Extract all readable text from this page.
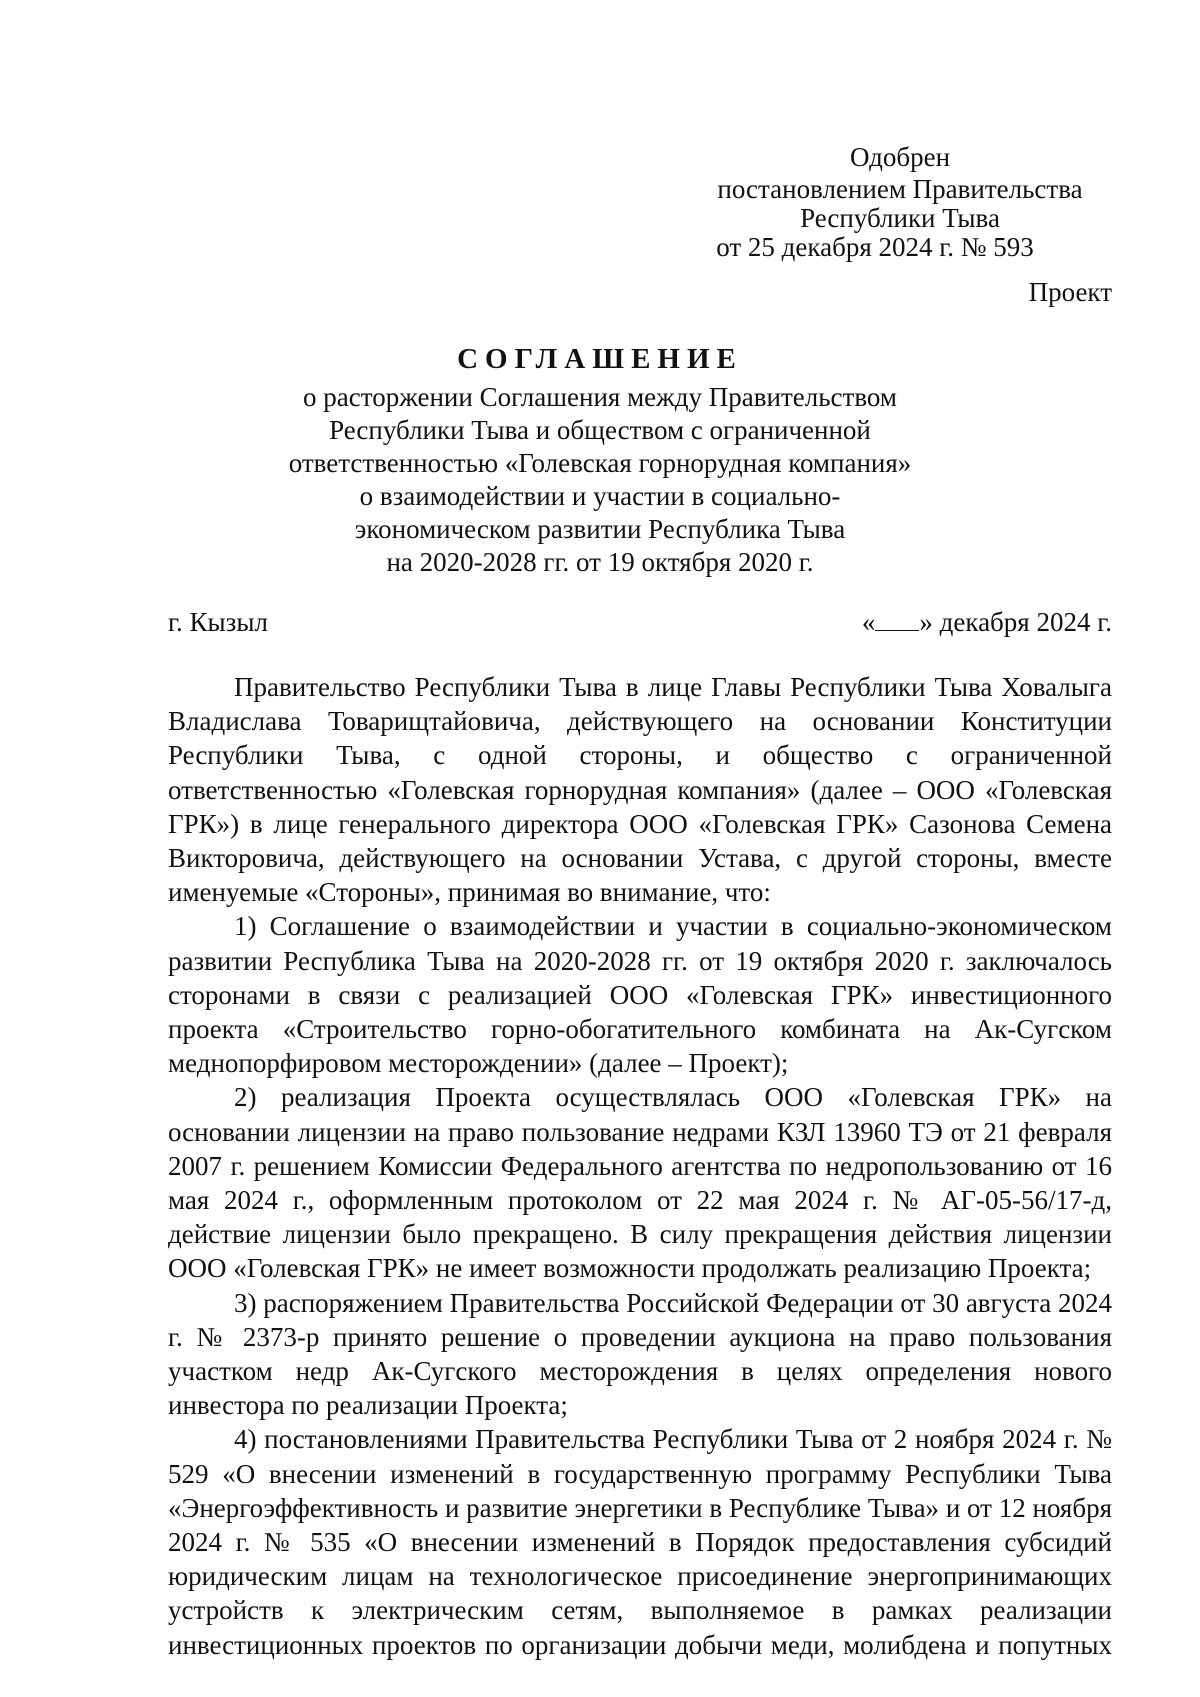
Одобрен
постановлением Правительства
Республики Тыва
от 25 декабря 2024 г. № 593
Проект
СОГЛАШЕНИЕ
о расторжении Соглашения между Правительством
Республики Тыва и обществом с ограниченной
ответственностью «Голевская горнорудная компания»
о взаимодействии и участии в социально-
экономическом развитии Республика Тыва
на 2020-2028 гг. от 19 октября 2020 г.
г. Кызыл	« » декабря 2024 г.

Правительство Республики Тыва в лице Главы Республики Тыва Ховалыга Владислава Товарищтайовича, действующего на основании Конституции Республики Тыва, с одной стороны, и общество с ограниченной ответственностью «Голевская горнорудная компания» (далее – ООО «Голевская ГРК») в лице генерального директора ООО «Голевская ГРК» Сазонова Семена Викторовича, действующего на основании Устава, с другой стороны, вместе именуемые «Стороны», принимая во внимание, что:

1) Соглашение о взаимодействии и участии в социально-экономическом развитии Республика Тыва на 2020-2028 гг. от 19 октября 2020 г. заключалось сторонами в связи с реализацией ООО «Голевская ГРК» инвестиционного проекта «Строительство горно-обогатительного комбината на Ак-Сугском меднопорфировом месторождении» (далее – Проект);

2) реализация Проекта осуществлялась ООО «Голевская ГРК» на основании лицензии на право пользование недрами КЗЛ 13960 ТЭ от 21 февраля 2007 г. решением Комиссии Федерального агентства по недропользованию от 16 мая 2024 г., оформленным протоколом от 22 мая 2024 г. № АГ-05-56/17-д, действие лицензии было прекращено. В силу прекращения действия лицензии ООО «Голевская ГРК» не имеет возможности продолжать реализацию Проекта;

3) распоряжением Правительства Российской Федерации от 30 августа 2024 г. № 2373-р принято решение о проведении аукциона на право пользования участком недр Ак-Сугского месторождения в целях определения нового инвестора по реализации Проекта;

4) постановлениями Правительства Республики Тыва от 2 ноября 2024 г. № 529 «О внесении изменений в государственную программу Республики Тыва «Энергоэффективность и развитие энергетики в Республике Тыва» и от 12 ноября 2024 г. № 535 «О внесении изменений в Порядок предоставления субсидий юридическим лицам на технологическое присоединение энергопринимающих устройств к электрическим сетям, выполняемое в рамках реализации инвестиционных проектов по организации добычи меди, молибдена и попутных
